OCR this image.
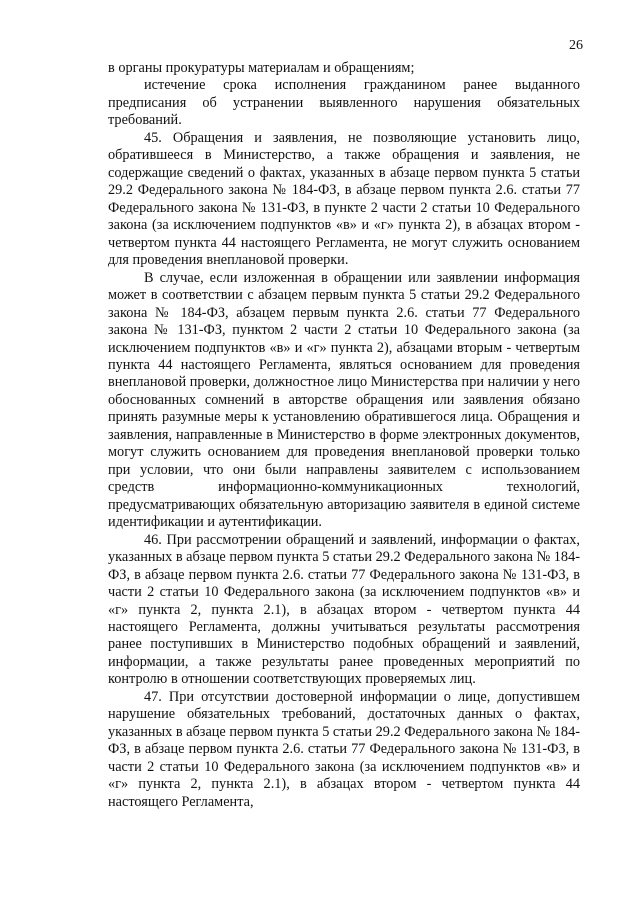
26

в органы прокуратуры материалам и обращениям;

истечение срока исполнения гражданином ранее выданного предписания об устранении выявленного нарушения обязательных требований.

45. Обращения и заявления, не позволяющие установить лицо, обратившееся в Министерство, а также обращения и заявления, не содержащие сведений о фактах, указанных в абзаце первом пункта 5 статьи 29.2 Федерального закона № 184-ФЗ, в абзаце первом пункта 2.6. статьи 77 Федерального закона № 131-ФЗ, в пункте 2 части 2 статьи 10 Федерального закона (за исключением подпунктов «в» и «г» пункта 2), в абзацах втором - четвертом пункта 44 настоящего Регламента, не могут служить основанием для проведения внеплановой проверки.

В случае, если изложенная в обращении или заявлении информация может в соответствии с абзацем первым пункта 5 статьи 29.2 Федерального закона № 184-ФЗ, абзацем первым пункта 2.6. статьи 77 Федерального закона № 131-ФЗ, пунктом 2 части 2 статьи 10 Федерального закона (за исключением подпунктов «в» и «г» пункта 2), абзацами вторым - четвертым пункта 44 настоящего Регламента, являться основанием для проведения внеплановой проверки, должностное лицо Министерства при наличии у него обоснованных сомнений в авторстве обращения или заявления обязано принять разумные меры к установлению обратившегося лица. Обращения и заявления, направленные в Министерство в форме электронных документов, могут служить основанием для проведения внеплановой проверки только при условии, что они были направлены заявителем с использованием средств информационно-коммуникационных технологий, предусматривающих обязательную авторизацию заявителя в единой системе идентификации и аутентификации.

46. При рассмотрении обращений и заявлений, информации о фактах, указанных в абзаце первом пункта 5 статьи 29.2 Федерального закона № 184-ФЗ, в абзаце первом пункта 2.6. статьи 77 Федерального закона № 131-ФЗ, в части 2 статьи 10 Федерального закона (за исключением подпунктов «в» и «г» пункта 2, пункта 2.1), в абзацах втором - четвертом пункта 44 настоящего Регламента, должны учитываться результаты рассмотрения ранее поступивших в Министерство подобных обращений и заявлений, информации, а также результаты ранее проведенных мероприятий по контролю в отношении соответствующих проверяемых лиц.

47. При отсутствии достоверной информации о лице, допустившем нарушение обязательных требований, достаточных данных о фактах, указанных в абзаце первом пункта 5 статьи 29.2 Федерального закона № 184-ФЗ, в абзаце первом пункта 2.6. статьи 77 Федерального закона № 131-ФЗ, в части 2 статьи 10 Федерального закона (за исключением подпунктов «в» и «г» пункта 2, пункта 2.1), в абзацах втором - четвертом пункта 44 настоящего Регламента,
